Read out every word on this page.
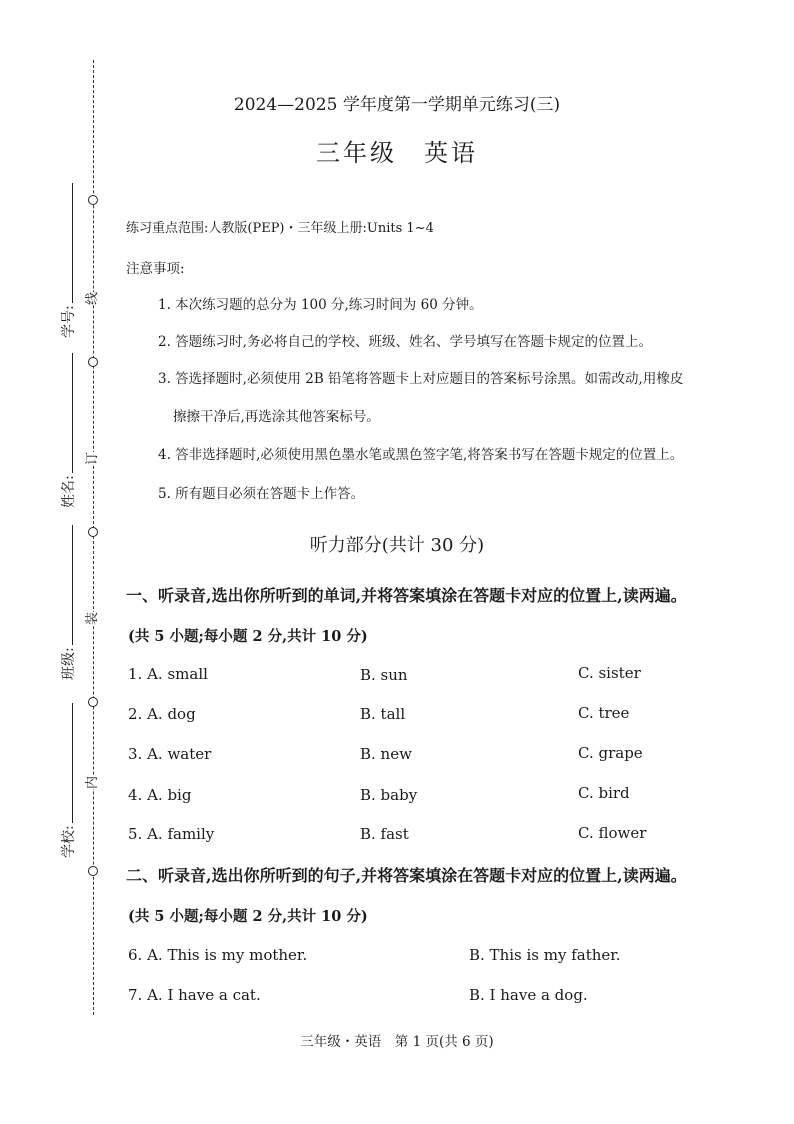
线
订
装
内
学号:
姓名:
班级:
学校:
2024—2025 学年度第一学期单元练习(三)
三年级　英语
练习重点范围:人教版(PEP)・三年级上册:Units 1~4
注意事项:
1. 本次练习题的总分为 100 分,练习时间为 60 分钟。
2. 答题练习时,务必将自己的学校、班级、姓名、学号填写在答题卡规定的位置上。
3. 答选择题时,必须使用 2B 铅笔将答题卡上对应题目的答案标号涂黑。如需改动,用橡皮
擦擦干净后,再选涂其他答案标号。
4. 答非选择题时,必须使用黑色墨水笔或黑色签字笔,将答案书写在答题卡规定的位置上。
5. 所有题目必须在答题卡上作答。
听力部分(共计 30 分)
一、听录音,选出你所听到的单词,并将答案填涂在答题卡对应的位置上,读两遍。
(共 5 小题;每小题 2 分,共计 10 分)
1. A. small	B. sun	C. sister
2. A. dog	B. tall	C. tree
3. A. water	B. new	C. grape
4. A. big	B. baby	C. bird
5. A. family	B. fast	C. flower
二、听录音,选出你所听到的句子,并将答案填涂在答题卡对应的位置上,读两遍。
(共 5 小题;每小题 2 分,共计 10 分)
6. A. This is my mother.	B. This is my father.
7. A. I have a cat.	B. I have a dog.
三年级・英语　第 1 页(共 6 页)
